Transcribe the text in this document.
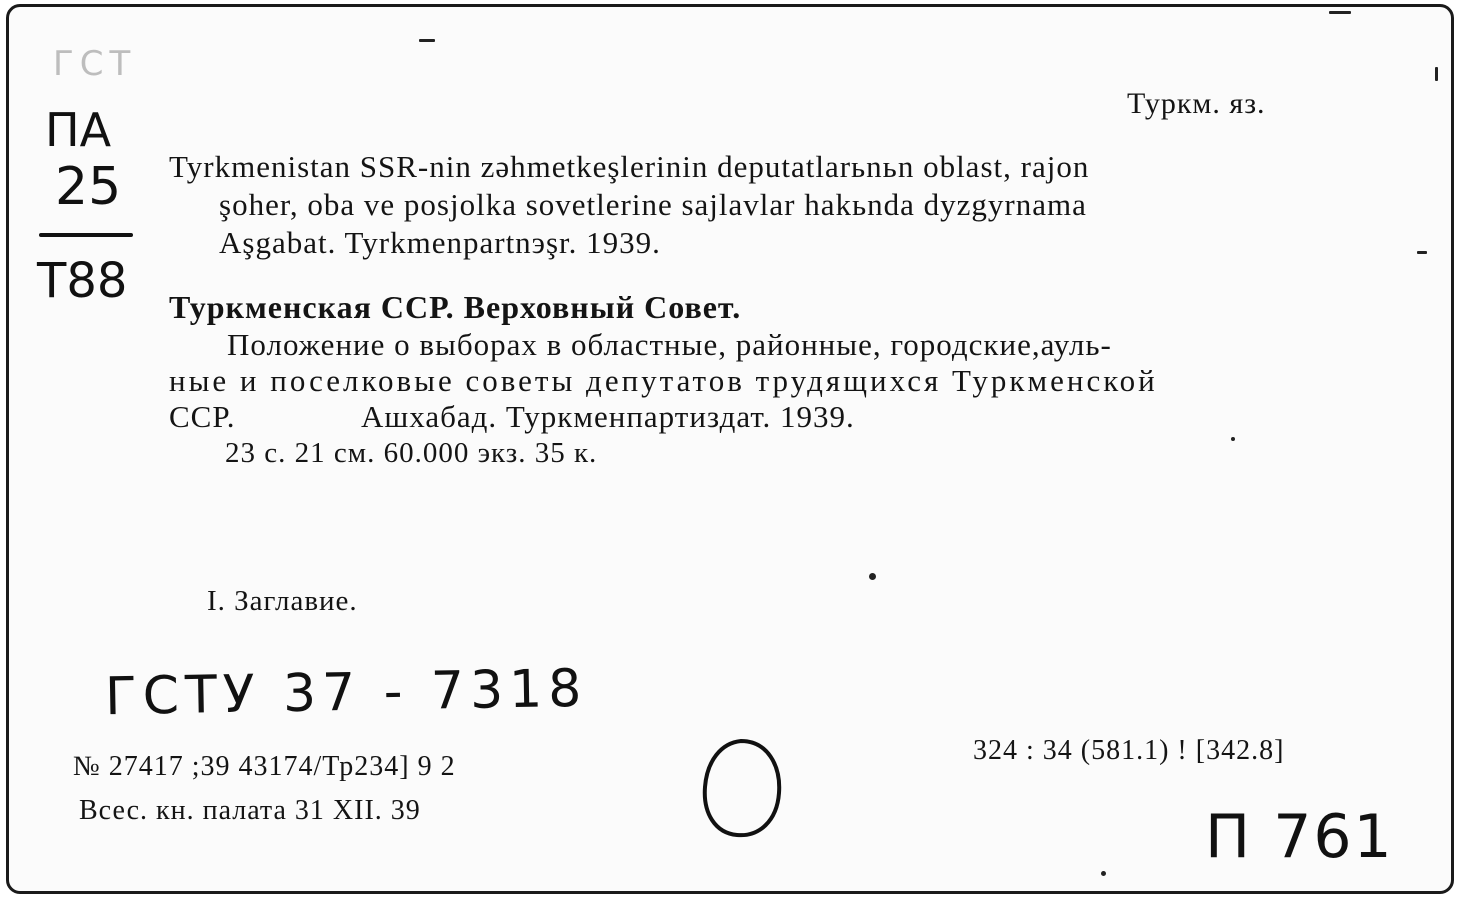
ГСТ
ПА
25
Т88
Туркм. яз.
Tyrkmenistan SSR-nin zəhmetkeşlerinin deputatlarьnьn oblast, rajon
şoher, oba ve posjolka sovetlerine sajlavlar hakьnda dyzgyrnama
Aşgabat. Tyrkmenpartnэşr. 1939.
Туркменская ССР. Верховный Совет.
Положение о выборах в областные, районные, городские,ауль-
ные и поселковые советы депутатов трудящихся Туркменской
ССР.	Ашхабад. Туркменпартиздат. 1939.
23 с. 21 см. 60.000 экз. 35 к.
I. Заглавие.
ГСТУ 37 - 7318
№ 27417 ;39 43174/Тр234] 9 2
Всес. кн. палата 31 XII. 39
324 : 34 (581.1) ! [342.8]
П 761
